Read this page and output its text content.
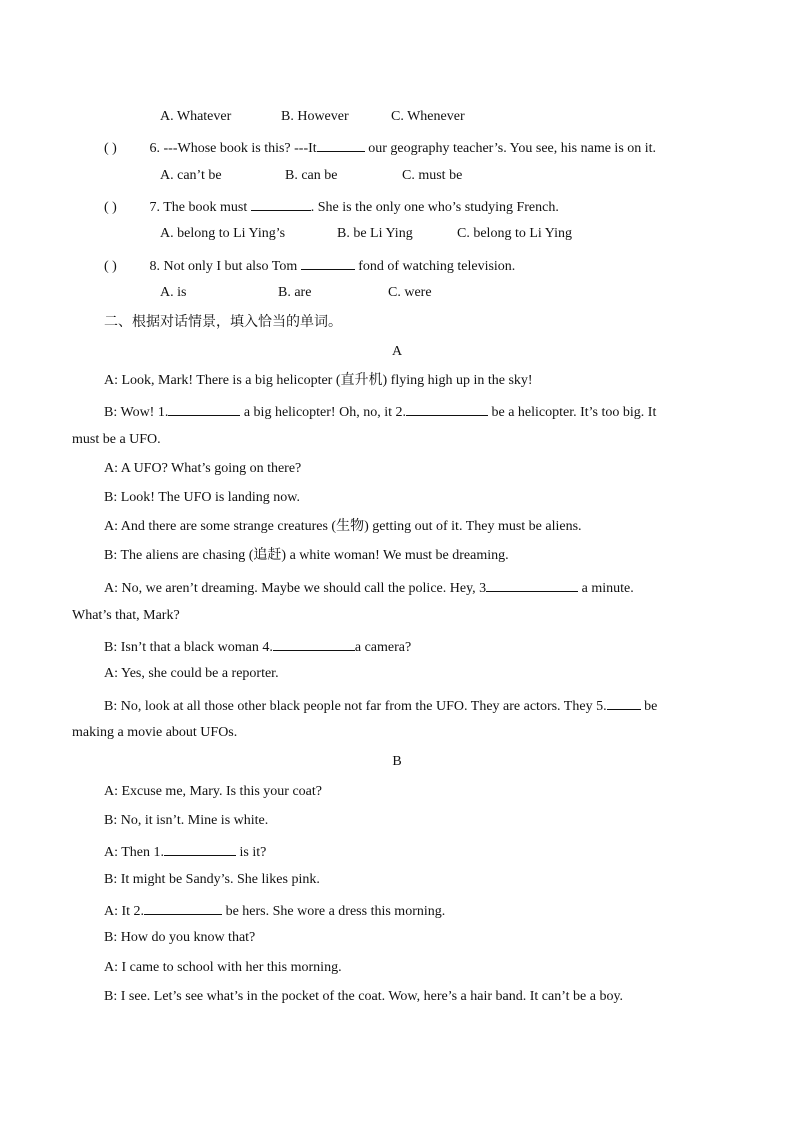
A. Whatever	B. However	C. Whenever
( ) 6. ---Whose book is this? ---It	our geography teacher’s. You see, his name is on it.
A. can’t be	B. can be	C. must be
( ) 7. The book must	. She is the only one who’s studying French.
A. belong to Li Ying’s	B. be Li Ying	C. belong to Li Ying
( ) 8. Not only I but also Tom	fond of watching television.
A. is	B. are	C. were
二、根据对话情景，填入恰当的单词。
A
A: Look, Mark! There is a big helicopter (直升机) flying high up in the sky!
B: Wow! 1.	a big helicopter! Oh, no, it 2.	be a helicopter. It’s too big. It
must be a UFO.
A: A UFO? What’s going on there?
B: Look! The UFO is landing now.
A: And there are some strange creatures (生物) getting out of it. They must be aliens.
B: The aliens are chasing (追赶) a white woman! We must be dreaming.
A: No, we aren’t dreaming. Maybe we should call the police. Hey, 3	a minute.
What’s that, Mark?
B: Isn’t that a black woman 4.	a camera?
A: Yes, she could be a reporter.
B: No, look at all those other black people not far from the UFO. They are actors. They 5. be
making a movie about UFOs.
B
A: Excuse me, Mary. Is this your coat?
B: No, it isn’t. Mine is white.
A: Then 1.	is it?
B: It might be Sandy’s. She likes pink.
A: It 2.	be hers. She wore a dress this morning.
B: How do you know that?
A: I came to school with her this morning.
B: I see. Let’s see what’s in the pocket of the coat. Wow, here’s a hair band. It can’t be a boy.
